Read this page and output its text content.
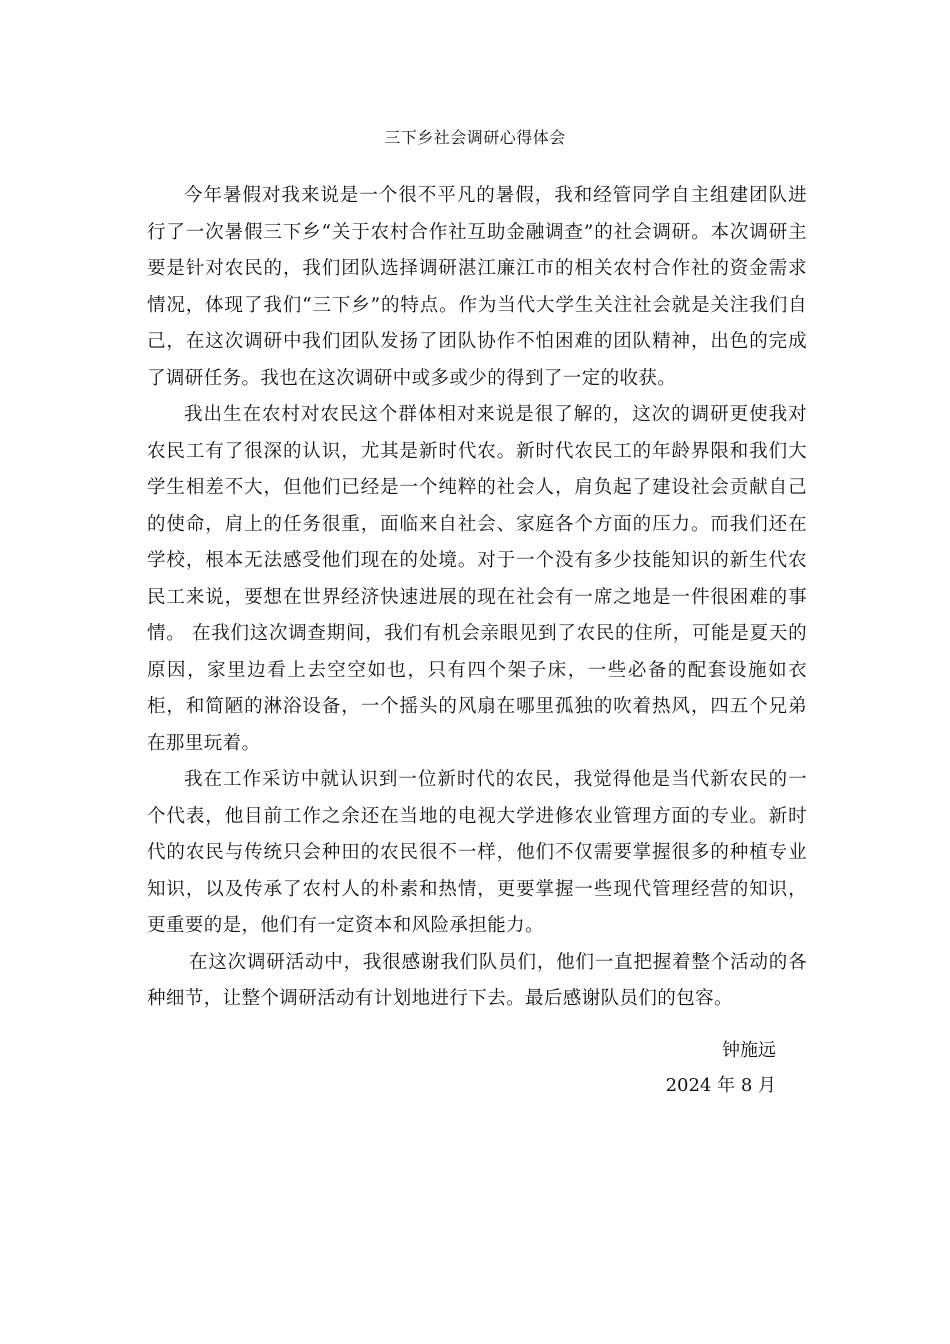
三下乡社会调研心得体会

今年暑假对我来说是一个很不平凡的暑假，我和经管同学自主组建团队进行了一次暑假三下乡“关于农村合作社互助金融调查”的社会调研。本次调研主要是针对农民的，我们团队选择调研湛江廉江市的相关农村合作社的资金需求情况，体现了我们“三下乡”的特点。作为当代大学生关注社会就是关注我们自己，在这次调研中我们团队发扬了团队协作不怕困难的团队精神，出色的完成了调研任务。我也在这次调研中或多或少的得到了一定的收获。

我出生在农村对农民这个群体相对来说是很了解的，这次的调研更使我对农民工有了很深的认识，尤其是新时代农。新时代农民工的年龄界限和我们大学生相差不大，但他们已经是一个纯粹的社会人，肩负起了建设社会贡献自己的使命，肩上的任务很重，面临来自社会、家庭各个方面的压力。而我们还在学校，根本无法感受他们现在的处境。对于一个没有多少技能知识的新生代农民工来说，要想在世界经济快速进展的现在社会有一席之地是一件很困难的事情。 在我们这次调查期间，我们有机会亲眼见到了农民的住所，可能是夏天的原因，家里边看上去空空如也，只有四个架子床，一些必备的配套设施如衣柜，和简陋的淋浴设备，一个摇头的风扇在哪里孤独的吹着热风，四五个兄弟在那里玩着。

我在工作采访中就认识到一位新时代的农民，我觉得他是当代新农民的一个代表，他目前工作之余还在当地的电视大学进修农业管理方面的专业。新时代的农民与传统只会种田的农民很不一样，他们不仅需要掌握很多的种植专业知识，以及传承了农村人的朴素和热情，更要掌握一些现代管理经营的知识，更重要的是，他们有一定资本和风险承担能力。

在这次调研活动中，我很感谢我们队员们，他们一直把握着整个活动的各种细节，让整个调研活动有计划地进行下去。最后感谢队员们的包容。

钟施远
2024 年 8 月
